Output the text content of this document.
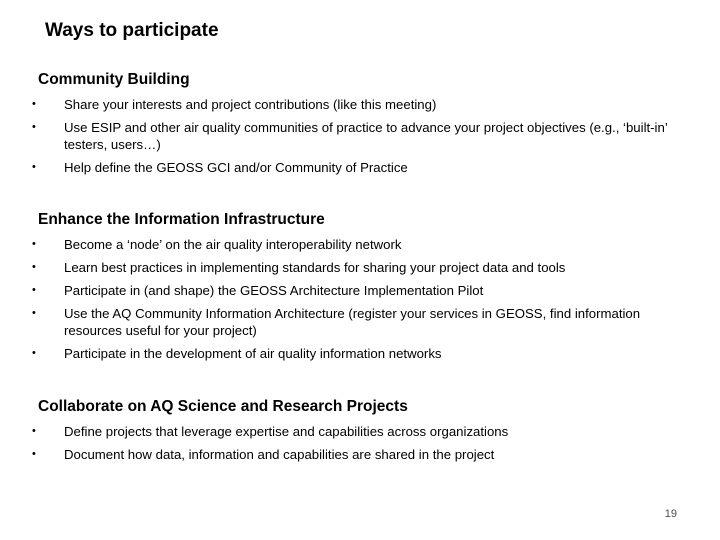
Ways to participate
Community Building
• Share your interests and project contributions (like this meeting)
• Use ESIP and other air quality communities of practice to advance your project objectives (e.g., ‘built-in’ testers, users…)
• Help define the GEOSS GCI and/or Community of Practice
Enhance the Information Infrastructure
• Become a ‘node’ on the air quality interoperability network
• Learn best practices in implementing standards for sharing your project data and tools
• Participate in (and shape) the GEOSS Architecture Implementation Pilot
• Use the AQ Community Information Architecture (register your services in GEOSS, find information resources useful for your project)
• Participate in the development of air quality information networks
Collaborate on AQ Science and Research Projects
• Define projects that leverage expertise and capabilities across organizations
• Document how data, information and capabilities are shared in the project
19
